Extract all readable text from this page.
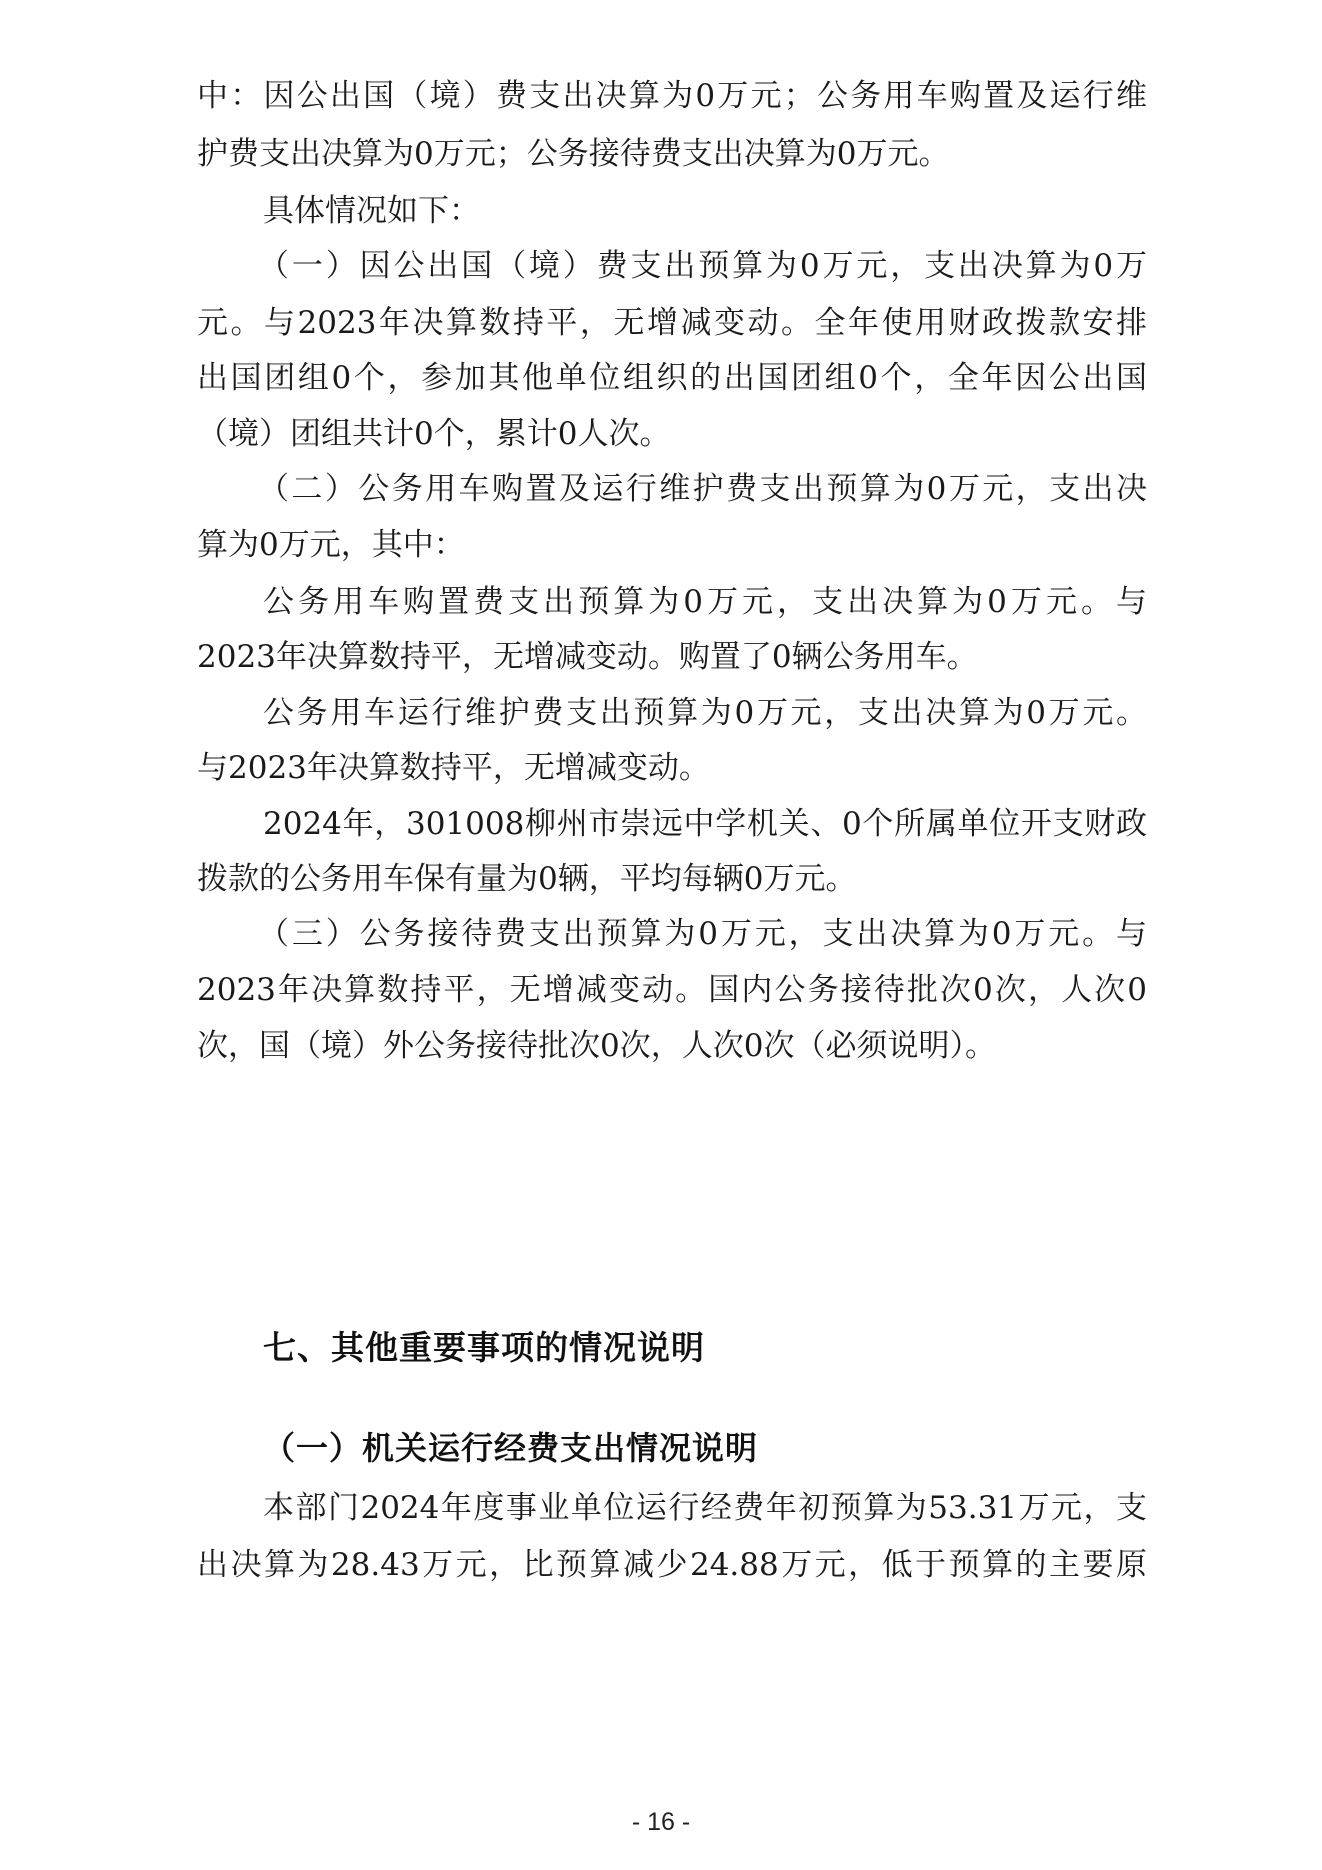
中：因公出国（境）费支出决算为0万元；公务用车购置及运行维
护费支出决算为0万元；公务接待费支出决算为0万元。
具体情况如下：
（一）因公出国（境）费支出预算为0万元，支出决算为0万
元。与2023年决算数持平，无增减变动。全年使用财政拨款安排
出国团组0个，参加其他单位组织的出国团组0个，全年因公出国
（境）团组共计0个，累计0人次。
（二）公务用车购置及运行维护费支出预算为0万元，支出决
算为0万元，其中：
公务用车购置费支出预算为0万元，支出决算为0万元。与
2023年决算数持平，无增减变动。购置了0辆公务用车。
公务用车运行维护费支出预算为0万元，支出决算为0万元。
与2023年决算数持平，无增减变动。
2024年，301008柳州市崇远中学机关、0个所属单位开支财政
拨款的公务用车保有量为0辆，平均每辆0万元。
（三）公务接待费支出预算为0万元，支出决算为0万元。与
2023年决算数持平，无增减变动。国内公务接待批次0次，人次0
次，国（境）外公务接待批次0次，人次0次（必须说明）。
七、其他重要事项的情况说明
（一）机关运行经费支出情况说明
本部门2024年度事业单位运行经费年初预算为53.31万元，支
出决算为28.43万元，比预算减少24.88万元，低于预算的主要原
- 16 -
